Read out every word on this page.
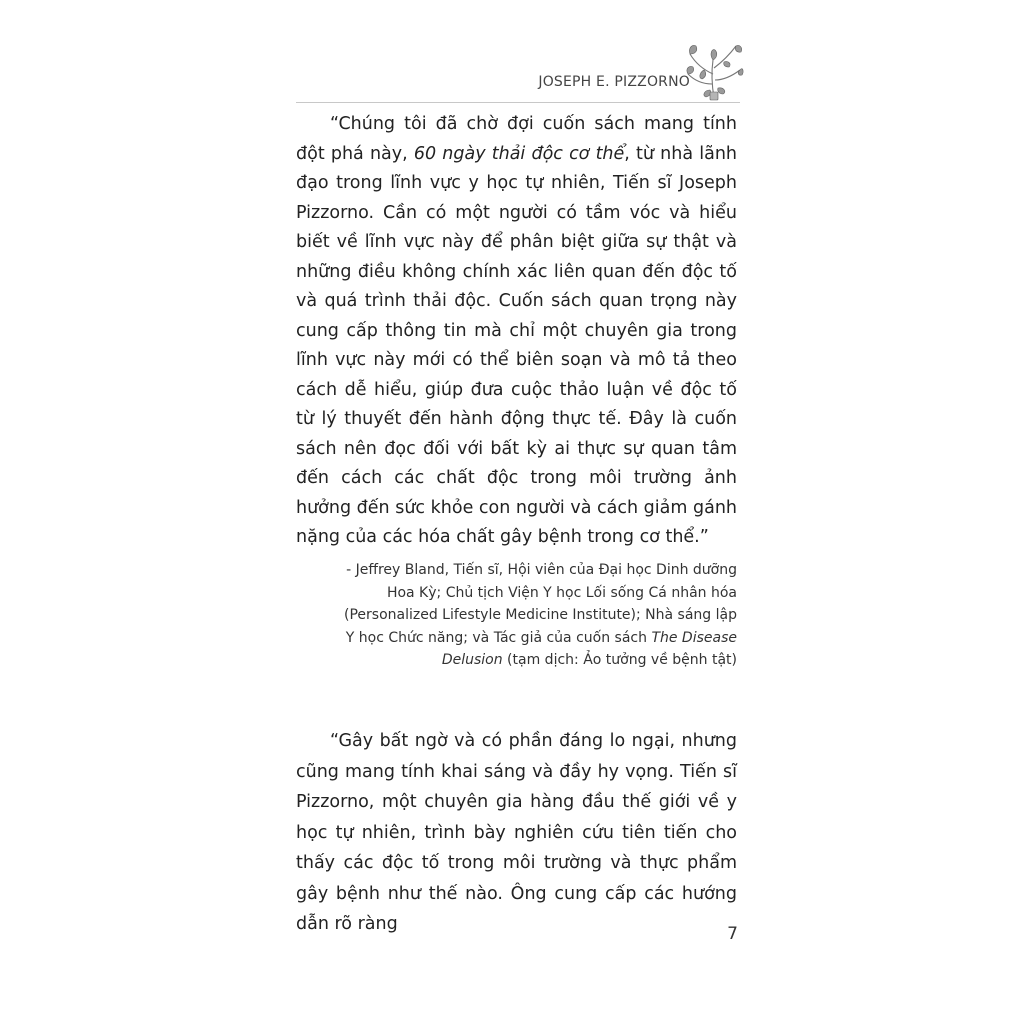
JOSEPH E. PIZZORNO

“Chúng tôi đã chờ đợi cuốn sách mang tính đột phá này, 60 ngày thải độc cơ thể, từ nhà lãnh đạo trong lĩnh vực y học tự nhiên, Tiến sĩ Joseph Pizzorno. Cần có một người có tầm vóc và hiểu biết về lĩnh vực này để phân biệt giữa sự thật và những điều không chính xác liên quan đến độc tố và quá trình thải độc. Cuốn sách quan trọng này cung cấp thông tin mà chỉ một chuyên gia trong lĩnh vực này mới có thể biên soạn và mô tả theo cách dễ hiểu, giúp đưa cuộc thảo luận về độc tố từ lý thuyết đến hành động thực tế. Đây là cuốn sách nên đọc đối với bất kỳ ai thực sự quan tâm đến cách các chất độc trong môi trường ảnh hưởng đến sức khỏe con người và cách giảm gánh nặng của các hóa chất gây bệnh trong cơ thể.”

- Jeffrey Bland, Tiến sĩ, Hội viên của Đại học Dinh dưỡng Hoa Kỳ; Chủ tịch Viện Y học Lối sống Cá nhân hóa (Personalized Lifestyle Medicine Institute); Nhà sáng lập Y học Chức năng; và Tác giả của cuốn sách The Disease Delusion (tạm dịch: Ảo tưởng về bệnh tật)

“Gây bất ngờ và có phần đáng lo ngại, nhưng cũng mang tính khai sáng và đầy hy vọng. Tiến sĩ Pizzorno, một chuyên gia hàng đầu thế giới về y học tự nhiên, trình bày nghiên cứu tiên tiến cho thấy các độc tố trong môi trường và thực phẩm gây bệnh như thế nào. Ông cung cấp các hướng dẫn rõ ràng	7
